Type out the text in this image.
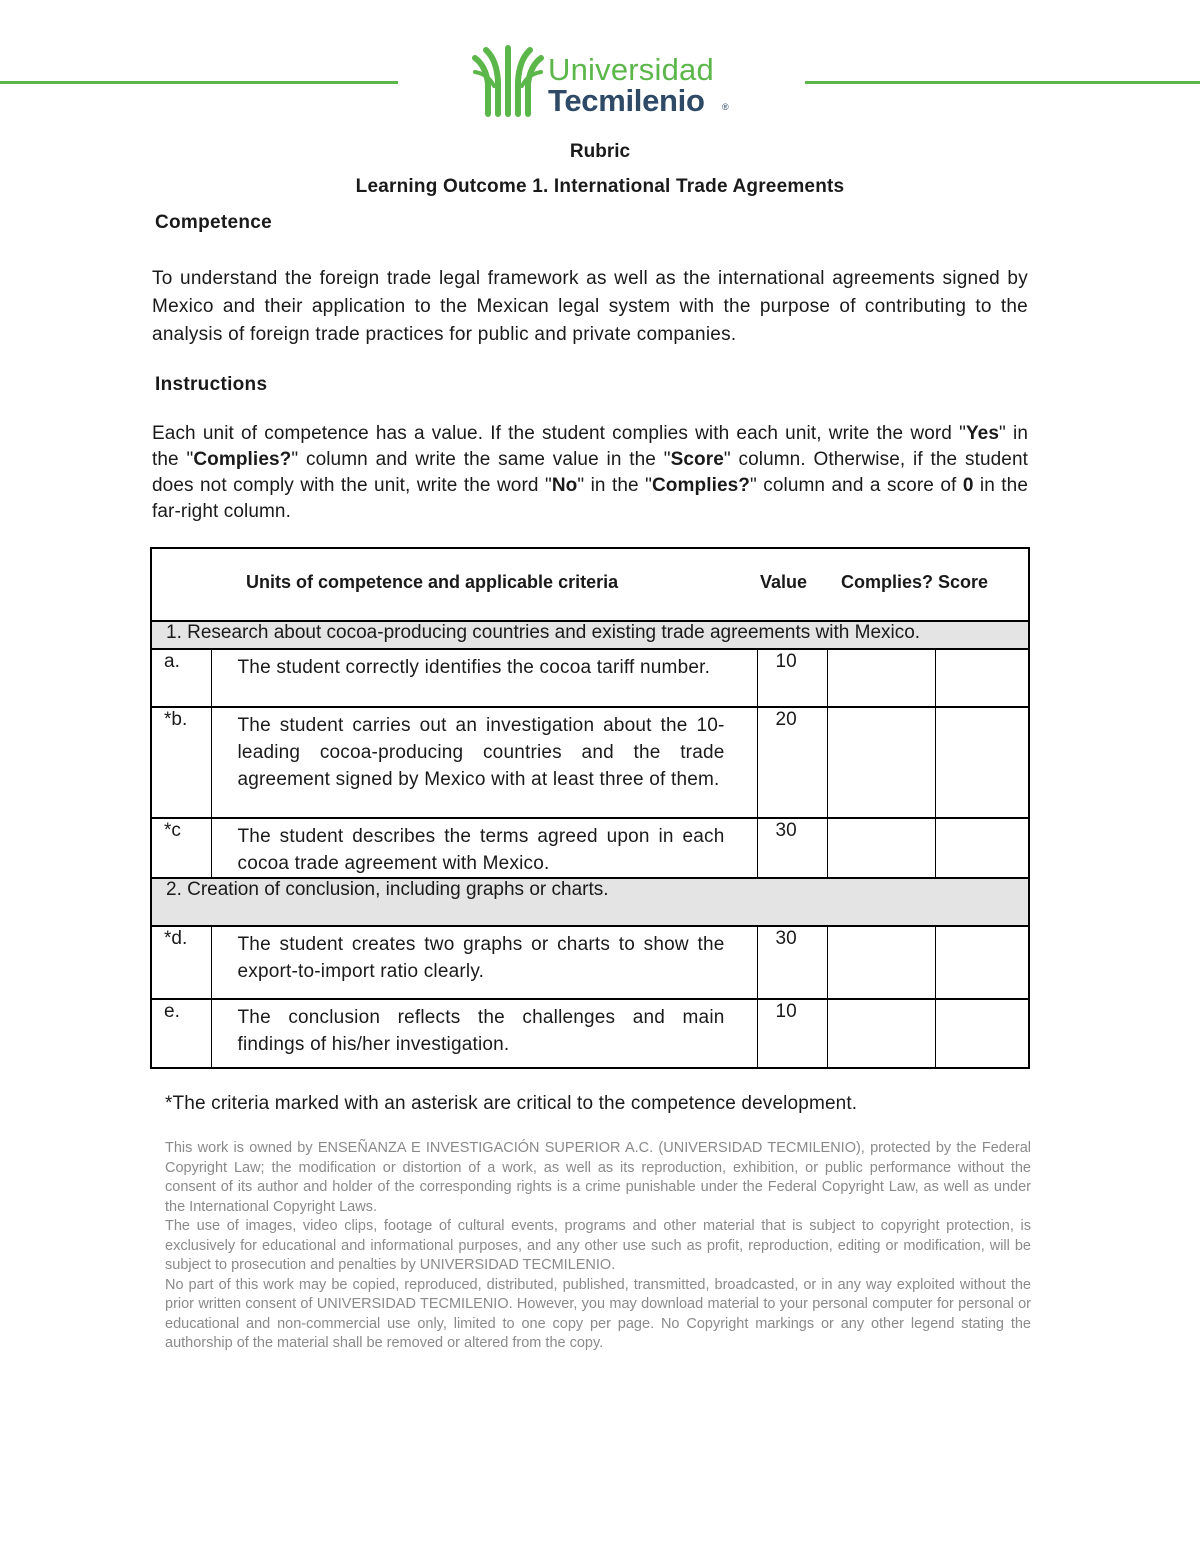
Universidad
Tecmilenio ®
Rubric
Learning Outcome 1. International Trade Agreements
Competence
To understand the foreign trade legal framework as well as the international agreements signed by Mexico and their application to the Mexican legal system with the purpose of contributing to the analysis of foreign trade practices for public and private companies.
Instructions
Each unit of competence has a value. If the student complies with each unit, write the word "Yes" in the "Complies?" column and write the same value in the "Score" column. Otherwise, if the student does not comply with the unit, write the word "No" in the "Complies?" column and a score of 0 in the far-right column.
Units of competence and applicable criteria		Value	Complies? Score	

1. Research about cocoa-producing countries and existing trade agreements with Mexico.				
a.	The student correctly identifies the cocoa tariff number.	10		
*b.	The student carries out an investigation about the 10-leading cocoa-producing countries and the trade agreement signed by Mexico with at least three of them.	20		
*c	The student describes the terms agreed upon in each cocoa trade agreement with Mexico.	30		
2. Creation of conclusion, including graphs or charts.				
*d.	The student creates two graphs or charts to show the export-to-import ratio clearly.	30		
e.	The conclusion reflects the challenges and main findings of his/her investigation.	10		
*The criteria marked with an asterisk are critical to the competence development.

This work is owned by ENSEÑANZA E INVESTIGACIÓN SUPERIOR A.C. (UNIVERSIDAD TECMILENIO), protected by the Federal Copyright Law; the modification or distortion of a work, as well as its reproduction, exhibition, or public performance without the consent of its author and holder of the corresponding rights is a crime punishable under the Federal Copyright Law, as well as under the International Copyright Laws.

The use of images, video clips, footage of cultural events, programs and other material that is subject to copyright protection, is exclusively for educational and informational purposes, and any other use such as profit, reproduction, editing or modification, will be subject to prosecution and penalties by UNIVERSIDAD TECMILENIO.

No part of this work may be copied, reproduced, distributed, published, transmitted, broadcasted, or in any way exploited without the prior written consent of UNIVERSIDAD TECMILENIO. However, you may download material to your personal computer for personal or educational and non-commercial use only, limited to one copy per page. No Copyright markings or any other legend stating the authorship of the material shall be removed or altered from the copy.
